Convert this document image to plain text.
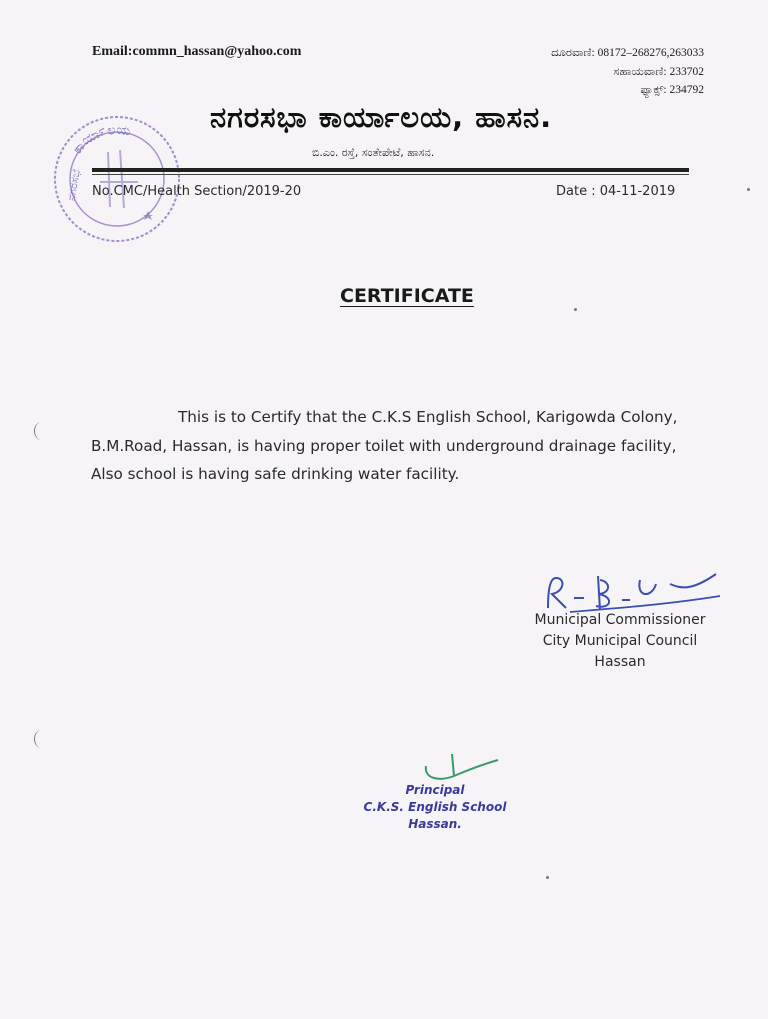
Email:commn_hassan@yahoo.com	ದೂರವಾಣಿ: 08172–268276,263033
ಸಹಾಯವಾಣಿ: 233702
ಫ್ಯಾಕ್ಸ್: 234792
ಕಾರ್ಯಾಲಯ
ನಗರಸಭೆ
ನಗರಸಭಾ ಕಾರ್ಯಾಲಯ, ಹಾಸನ.
ಬಿ.ಎಂ. ರಸ್ತೆ, ಸಂತೇಪೇಟೆ, ಹಾಸನ.
No.CMC/Health Section/2019-20	Date : 04-11-2019
CERTIFICATE
This is to Certify that the C.K.S English School, Karigowda Colony,
B.M.Road, Hassan, is having proper toilet with underground drainage facility,
Also school is having safe drinking water facility.
Municipal Commissioner
City Municipal Council
Hassan
Principal
C.K.S. English School
Hassan.
